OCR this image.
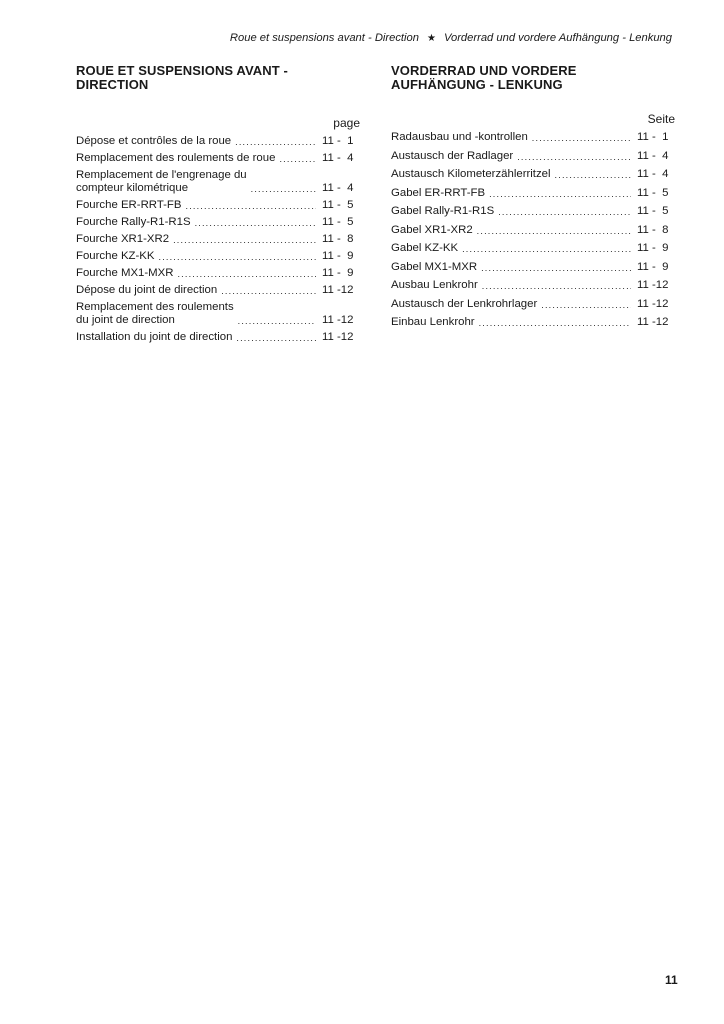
Roue et suspensions avant - Direction ★ Vorderrad und vordere Aufhängung - Lenkung
ROUE ET SUSPENSIONS AVANT -
DIRECTION
page
Dépose et contrôles de la roue .....	11 -  1
Remplacement des roulements de roue .....	11 -  4
Remplacement de l'engrenage du
compteur kilométrique .....	11 -  4
Fourche ER-RRT-FB .....	11 -  5
Fourche Rally-R1-R1S .....	11 -  5
Fourche XR1-XR2 .....	11 -  8
Fourche KZ-KK .....	11 -  9
Fourche MX1-MXR .....	11 -  9
Dépose du joint de direction .....	11 -12
Remplacement des roulements
du joint de direction .....	11 -12
Installation du joint de direction .....	11 -12
VORDERRAD UND VORDERE
AUFHÄNGUNG - LENKUNG
Seite
Radausbau und -kontrollen .....	11 -  1
Austausch der Radlager .....	11 -  4
Austausch Kilometerzählerritzel .....	11 -  4
Gabel ER-RRT-FB .....	11 -  5
Gabel Rally-R1-R1S .....	11 -  5
Gabel XR1-XR2 .....	11 -  8
Gabel KZ-KK .....	11 -  9
Gabel MX1-MXR .....	11 -  9
Ausbau Lenkrohr .....	11 -12
Austausch der Lenkrohrlager .....	11 -12
Einbau Lenkrohr .....	11 -12
11
